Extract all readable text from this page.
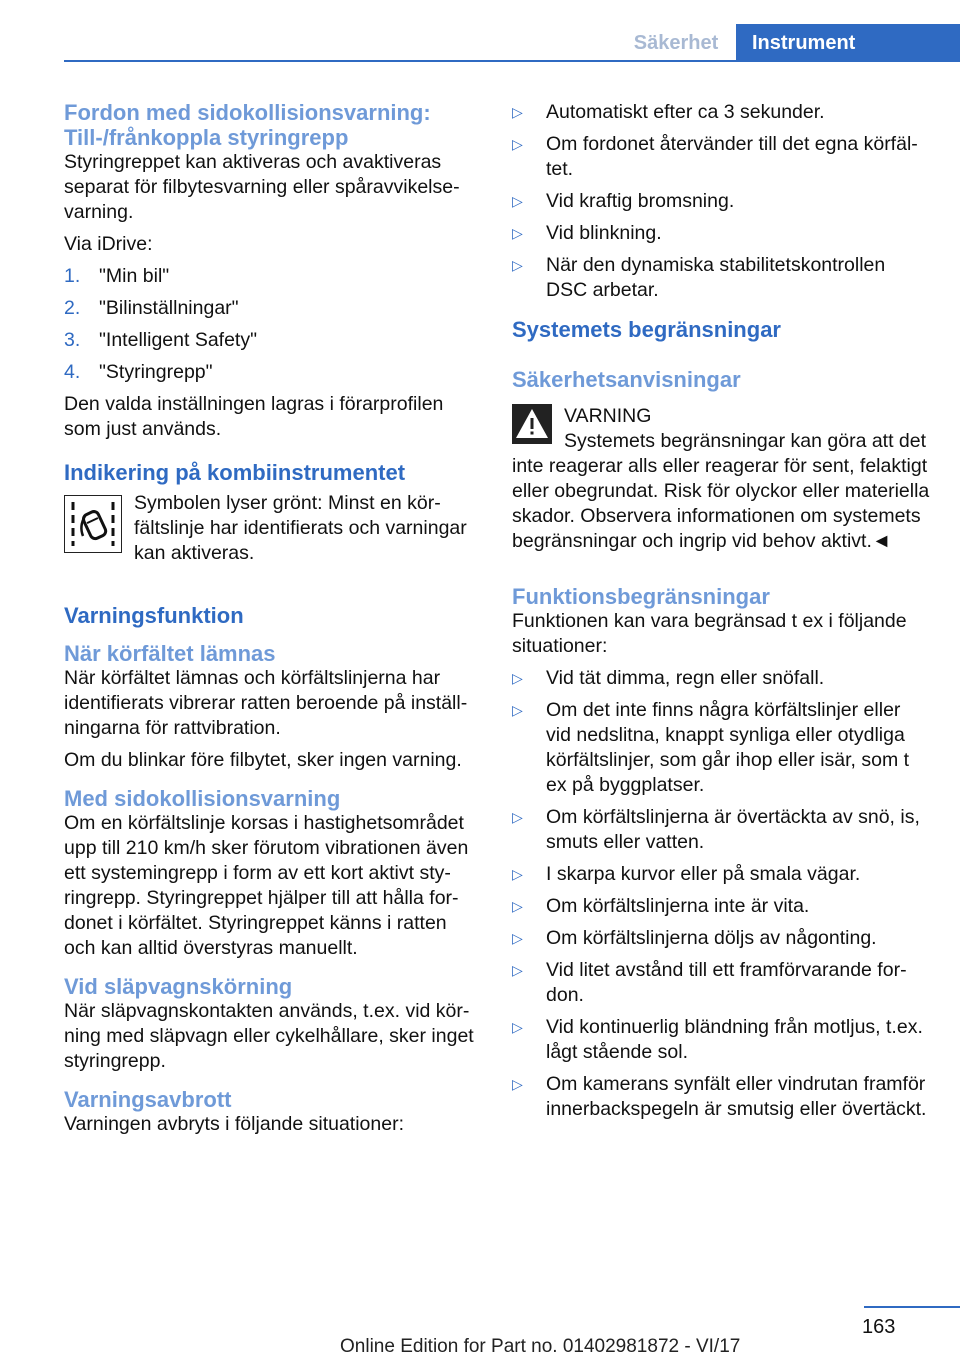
Säkerhet	Instrument
Fordon med sidokollisionsvarning: Till-/frånkoppla styringrepp

Styringreppet kan aktiveras och avaktiveras separat för filbytesvarning eller spåravvikelsevarning.

Via iDrive:

1. "Min bil"
2. "Bilinställningar"
3. "Intelligent Safety"
4. "Styringrepp"

Den valda inställningen lagras i förarprofilen som just används.

Indikering på kombiinstrumentet

Symbolen lyser grönt: Minst en körfältslinje har identifierats och varningar kan aktiveras.

Varningsfunktion
När körfältet lämnas

När körfältet lämnas och körfältslinjerna har identifierats vibrerar ratten beroende på inställningarna för rattvibration.

Om du blinkar före filbytet, sker ingen varning.

Med sidokollisionsvarning

Om en körfältslinje korsas i hastighetsområdet upp till 210 km/h sker förutom vibrationen även ett systemingrepp i form av ett kort aktivt styringrepp. Styringreppet hjälper till att hålla fordonet i körfältet. Styringreppet känns i ratten och kan alltid överstyras manuellt.

Vid släpvagnskörning

När släpvagnskontakten används, t.ex. vid körning med släpvagn eller cykelhållare, sker inget styringrepp.

Varningsavbrott

Varningen avbryts i följande situationer:

▷ Automatiskt efter ca 3 sekunder.
▷ Om fordonet återvänder till det egna körfältet.
▷ Vid kraftig bromsning.
▷ Vid blinkning.
▷ När den dynamiska stabilitetskontrollen DSC arbetar.
Systemets begränsningar
Säkerhetsanvisningar
VARNING
Systemets begränsningar kan göra att det inte reagerar alls eller reagerar för sent, felaktigt eller obegrundat. Risk för olyckor eller materiella skador. Observera informationen om systemets begränsningar och ingrip vid behov aktivt.◄
Funktionsbegränsningar

Funktionen kan vara begränsad t ex i följande situationer:

▷ Vid tät dimma, regn eller snöfall.
▷ Om det inte finns några körfältslinjer eller vid nedslitna, knappt synliga eller otydliga körfältslinjer, som går ihop eller isär, som t ex på byggplatser.
▷ Om körfältslinjerna är övertäckta av snö, is, smuts eller vatten.
▷ I skarpa kurvor eller på smala vägar.
▷ Om körfältslinjerna inte är vita.
▷ Om körfältslinjerna döljs av någonting.
▷ Vid litet avstånd till ett framförvarande fordon.
▷ Vid kontinuerlig bländning från motljus, t.ex. lågt stående sol.
▷ Om kamerans synfält eller vindrutan framför innerbackspegeln är smutsig eller övertäckt.
163
Online Edition for Part no. 01402981872 - VI/17
